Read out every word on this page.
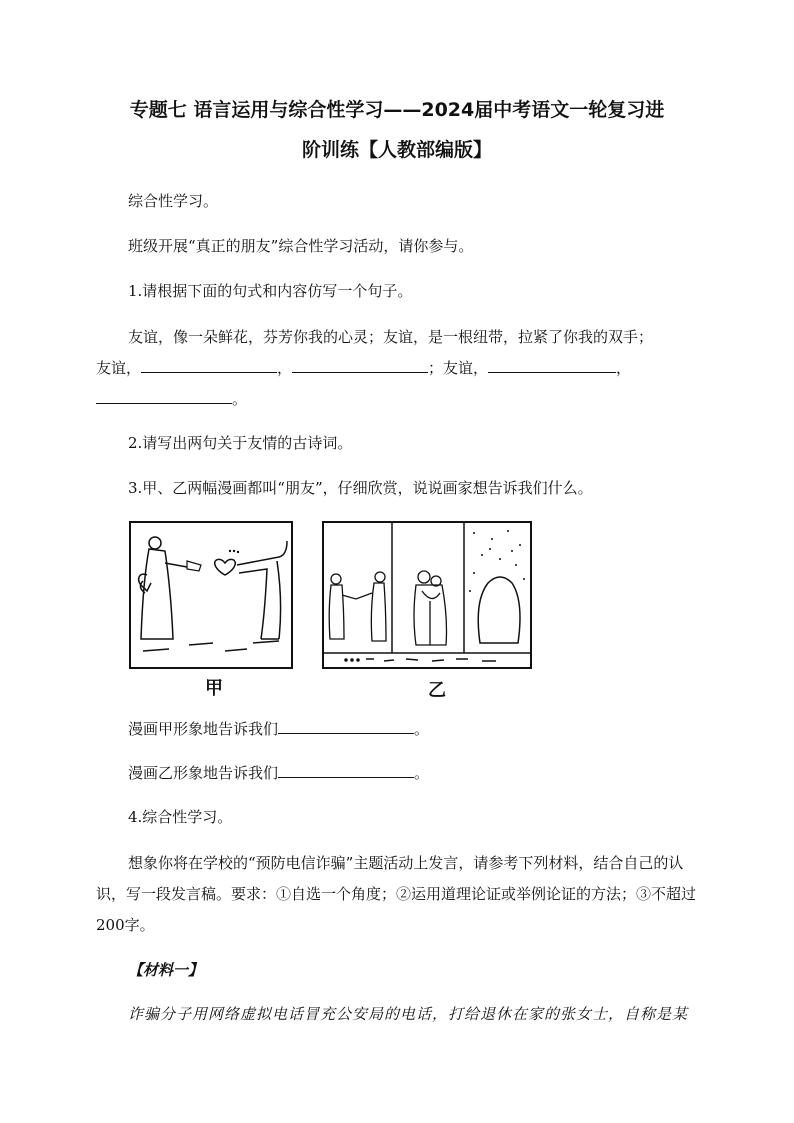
专题七 语言运用与综合性学习——2024届中考语文一轮复习进
阶训练【人教部编版】
综合性学习。
班级开展“真正的朋友”综合性学习活动，请你参与。
1.请根据下面的句式和内容仿写一个句子。
友谊，像一朵鲜花，芬芳你我的心灵；友谊，是一根纽带，拉紧了你我的双手；
友谊，	，	；友谊，	，
。
2.请写出两句关于友情的古诗词。
3.甲、乙两幅漫画都叫“朋友”，仔细欣赏，说说画家想告诉我们什么。
甲	乙
漫画甲形象地告诉我们	。
漫画乙形象地告诉我们	。
4.综合性学习。
想象你将在学校的“预防电信诈骗”主题活动上发言，请参考下列材料，结合自己的认识，写一段发言稿。要求：①自选一个角度；②运用道理论证或举例论证的方法；③不超过200字。
【材料一】
诈骗分子用网络虚拟电话冒充公安局的电话，打给退休在家的张女士，自称是某
